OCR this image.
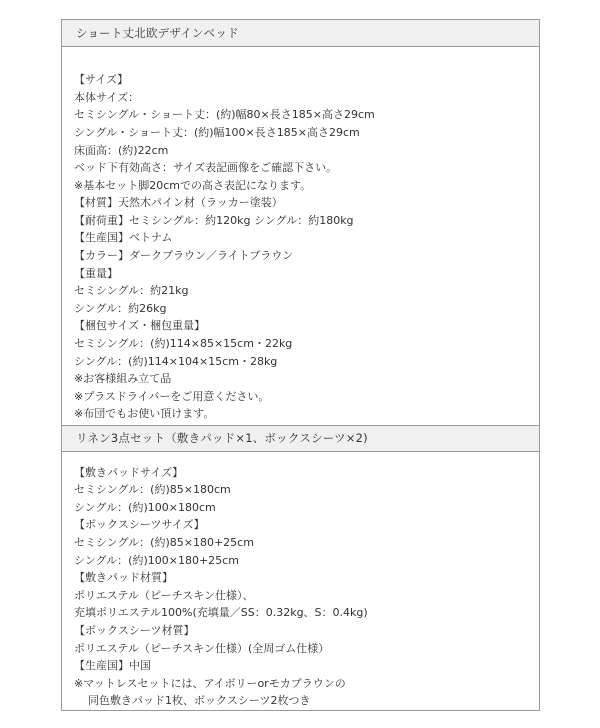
ショート丈北欧デザインベッド
【サイズ】
本体サイズ：
セミシングル・ショート丈：(約)幅80×長さ185×高さ29cm
シングル・ショート丈：(約)幅100×長さ185×高さ29cm
床面高：(約)22cm
ベッド下有効高さ：サイズ表記画像をご確認下さい。
※基本セット脚20cmでの高さ表記になります。
【材質】天然木パイン材（ラッカー塗装）
【耐荷重】セミシングル：約120kg シングル：約180kg
【生産国】ベトナム
【カラー】ダークブラウン／ライトブラウン
【重量】
セミシングル：約21kg
シングル：約26kg
【梱包サイズ・梱包重量】
セミシングル：(約)114×85×15cm・22kg
シングル：(約)114×104×15cm・28kg
※お客様組み立て品
※プラスドライバーをご用意ください。
※布団でもお使い頂けます。
リネン3点セット（敷きパッド×1、ボックスシーツ×2)
【敷きパッドサイズ】
セミシングル：(約)85×180cm
シングル：(約)100×180cm
【ボックスシーツサイズ】
セミシングル：(約)85×180+25cm
シングル：(約)100×180+25cm
【敷きパッド材質】
ポリエステル（ピーチスキン仕様）、
充填ポリエステル100%(充填量／SS：0.32kg、S：0.4kg)
【ボックスシーツ材質】
ポリエステル（ピーチスキン仕様）(全周ゴム仕様）
【生産国】中国
※マットレスセットには、アイボリーorモカブラウンの
同色敷きパッド1枚、ボックスシーツ2枚つき
